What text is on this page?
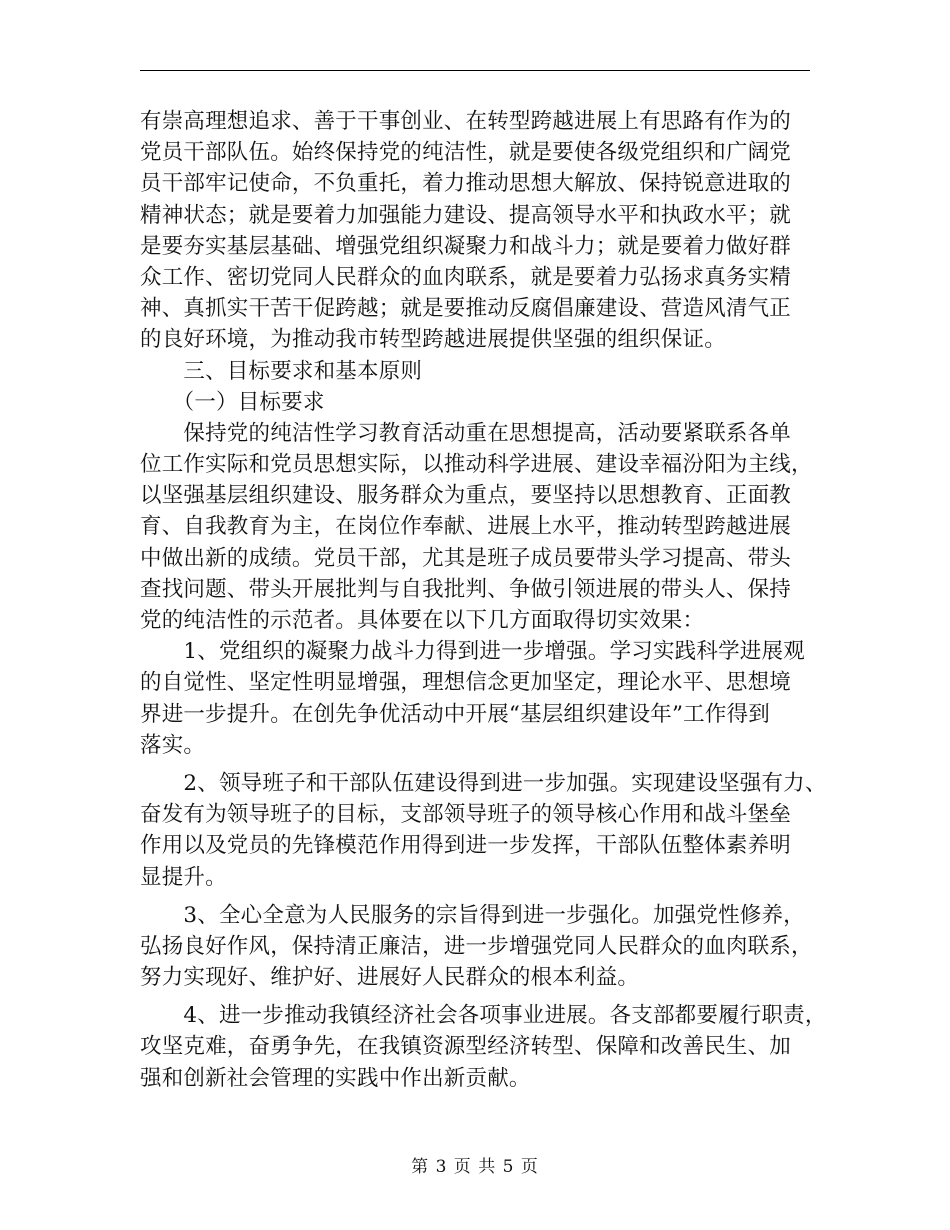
有崇高理想追求、善于干事创业、在转型跨越进展上有思路有作为的
党员干部队伍。始终保持党的纯洁性，就是要使各级党组织和广阔党
员干部牢记使命，不负重托，着力推动思想大解放、保持锐意进取的
精神状态；就是要着力加强能力建设、提高领导水平和执政水平；就
是要夯实基层基础、增强党组织凝聚力和战斗力；就是要着力做好群
众工作、密切党同人民群众的血肉联系，就是要着力弘扬求真务实精
神、真抓实干苦干促跨越；就是要推动反腐倡廉建设、营造风清气正
的良好环境，为推动我市转型跨越进展提供坚强的组织保证。
　　三、目标要求和基本原则
　　（一）目标要求
　　保持党的纯洁性学习教育活动重在思想提高，活动要紧联系各单
位工作实际和党员思想实际，以推动科学进展、建设幸福汾阳为主线，
以坚强基层组织建设、服务群众为重点，要坚持以思想教育、正面教
育、自我教育为主，在岗位作奉献、进展上水平，推动转型跨越进展
中做出新的成绩。党员干部，尤其是班子成员要带头学习提高、带头
查找问题、带头开展批判与自我批判、争做引领进展的带头人、保持
党的纯洁性的示范者。具体要在以下几方面取得切实效果：
　　1、党组织的凝聚力战斗力得到进一步增强。学习实践科学进展观
的自觉性、坚定性明显增强，理想信念更加坚定，理论水平、思想境
界进一步提升。在创先争优活动中开展“基层组织建设年”工作得到
落实。
　　2、领导班子和干部队伍建设得到进一步加强。实现建设坚强有力、
奋发有为领导班子的目标，支部领导班子的领导核心作用和战斗堡垒
作用以及党员的先锋模范作用得到进一步发挥，干部队伍整体素养明
显提升。
　　3、全心全意为人民服务的宗旨得到进一步强化。加强党性修养，
弘扬良好作风，保持清正廉洁，进一步增强党同人民群众的血肉联系，
努力实现好、维护好、进展好人民群众的根本利益。
　　4、进一步推动我镇经济社会各项事业进展。各支部都要履行职责，
攻坚克难，奋勇争先，在我镇资源型经济转型、保障和改善民生、加
强和创新社会管理的实践中作出新贡献。
第 3 页 共 5 页
